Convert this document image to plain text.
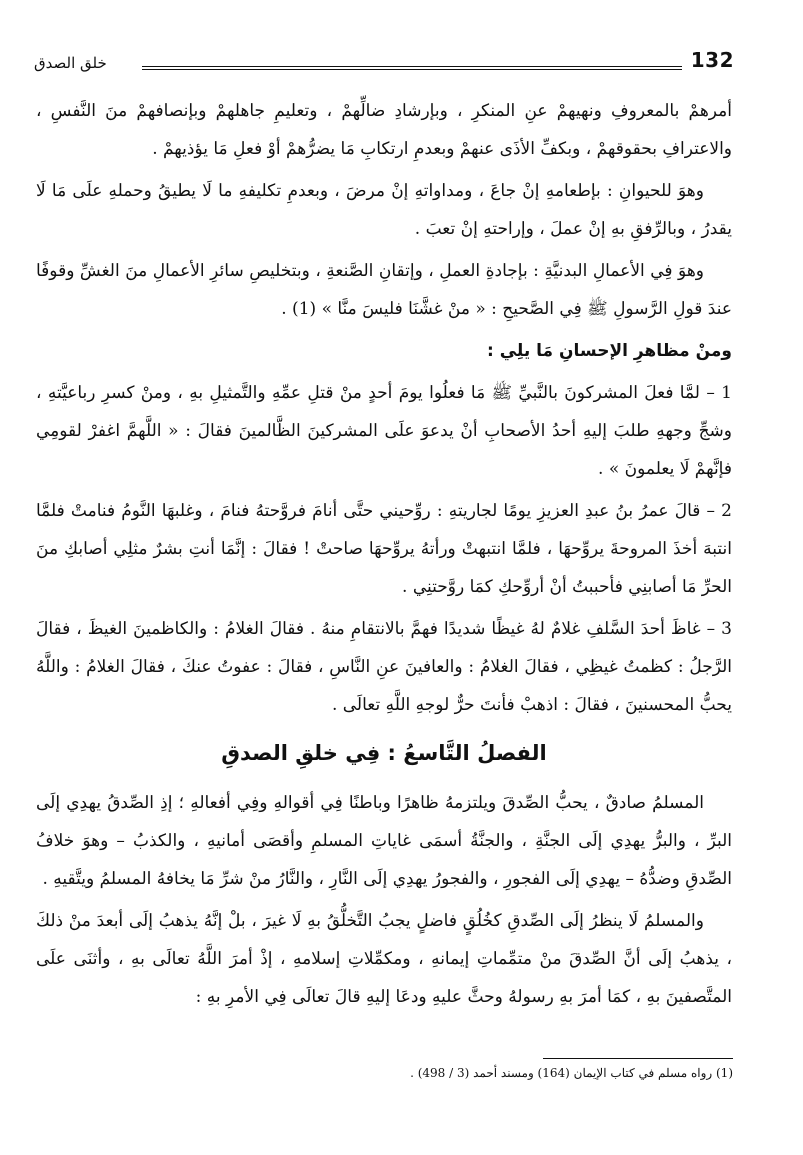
132
خلق الصدق

أمرهمْ بالمعروفِ ونهيهمْ عنِ المنكرِ ، وبإرشادِ ضالِّهمْ ، وتعليمِ جاهلهمْ وبإنصافهمْ منَ النَّفسِ ، والاعترافِ بحقوقهمْ ، وبكفِّ الأذَى عنهمْ وبعدمِ ارتكابِ مَا يضرُّهمْ أوْ فعلِ مَا يؤذيهمْ .

وهوَ للحيوانِ : بإطعامهِ إنْ جاعَ ، ومداواتهِ إنْ مرضَ ، وبعدمِ تكليفهِ ما لَا يطيقُ وحملهِ علَى مَا لَا يقدرُ ، وبالرِّفقِ بهِ إنْ عملَ ، وإراحتهِ إنْ تعبَ .

وهوَ فِي الأعمالِ البدنيَّةِ : بإجادةِ العملِ ، وإتقانِ الصَّنعةِ ، وبتخليصِ سائرِ الأعمالِ منَ الغشِّ وقوفًا عندَ قولِ الرَّسولِ ﷺ فِي الصَّحيحِ : « منْ غشَّنَا فليسَ منَّا » (1) .

ومنْ مظاهرِ الإحسانِ مَا يلِي :

1 – لمَّا فعلَ المشركونَ بالنَّبيِّ ﷺ مَا فعلُوا يومَ أحدٍ منْ قتلِ عمِّهِ والتَّمثيلِ بهِ ، ومنْ كسرِ رباعيَّتهِ ، وشجِّ وجههِ طلبَ إليهِ أحدُ الأصحابِ أنْ يدعوَ علَى المشركينَ الظَّالمينَ فقالَ : « اللَّهمَّ اغفرْ لقومِي فإنَّهمْ لَا يعلمونَ » .

2 – قالَ عمرُ بنُ عبدِ العزيزِ يومًا لجاريتهِ : روِّحيني حتَّى أنامَ فروَّحتهُ فنامَ ، وغلبهَا النَّومُ فنامتْ فلمَّا انتبهَ أخذَ المروحةَ يروِّحهَا ، فلمَّا انتبهتْ ورأتهُ يروِّحهَا صاحتْ ! فقالَ : إنَّمَا أنتِ بشرٌ مثلِي أصابكِ منَ الحرِّ مَا أصابنِي فأحببتُ أنْ أروِّحكِ كمَا روَّحتنِي .

3 – غاظَ أحدَ السَّلفِ غلامٌ لهُ غيظًا شديدًا فهمَّ بالانتقامِ منهُ . فقالَ الغلامُ : والكاظمينَ الغيظَ ، فقالَ الرَّجلُ : كظمتُ غيظِي ، فقالَ الغلامُ : والعافينَ عنِ النَّاسِ ، فقالَ : عفوتُ عنكَ ، فقالَ الغلامُ : واللَّهُ يحبُّ المحسنينَ ، فقالَ : اذهبْ فأنتَ حرٌّ لوجهِ اللَّهِ تعالَى .

الفصلُ التَّاسعُ : فِي خلقِ الصدقِ

المسلمُ صادقٌ ، يحبُّ الصِّدقَ ويلتزمهُ ظاهرًا وباطنًا فِي أقوالهِ وفِي أفعالهِ ؛ إذِ الصِّدقُ يهدِي إلَى البرِّ ، والبرُّ يهدِي إلَى الجنَّةِ ، والجنَّةُ أسمَى غاياتِ المسلمِ وأقصَى أمانيهِ ، والكذبُ – وهوَ خلافُ الصِّدقِ وضدُّهُ – يهدِي إلَى الفجورِ ، والفجورُ يهدِي إلَى النَّارِ ، والنَّارُ منْ شرِّ مَا يخافهُ المسلمُ ويتَّقيهِ .

والمسلمُ لَا ينظرُ إلَى الصِّدقِ كخُلُقٍ فاضلٍ يجبُ التَّخلُّقُ بهِ لَا غيرَ ، بلْ إنَّهُ يذهبُ إلَى أبعدَ منْ ذلكَ ، يذهبُ إلَى أنَّ الصِّدقَ منْ متمِّماتِ إيمانهِ ، ومكمِّلاتِ إسلامهِ ، إذْ أمرَ اللَّهُ تعالَى بهِ ، وأثنَى علَى المتَّصفينَ بهِ ، كمَا أمرَ بهِ رسولهُ وحثَّ عليهِ ودعَا إليهِ قالَ تعالَى فِي الأمرِ بهِ :

(1) رواه مسلم في كتاب الإيمان (164) ومسند أحمد (3 / 498) .
